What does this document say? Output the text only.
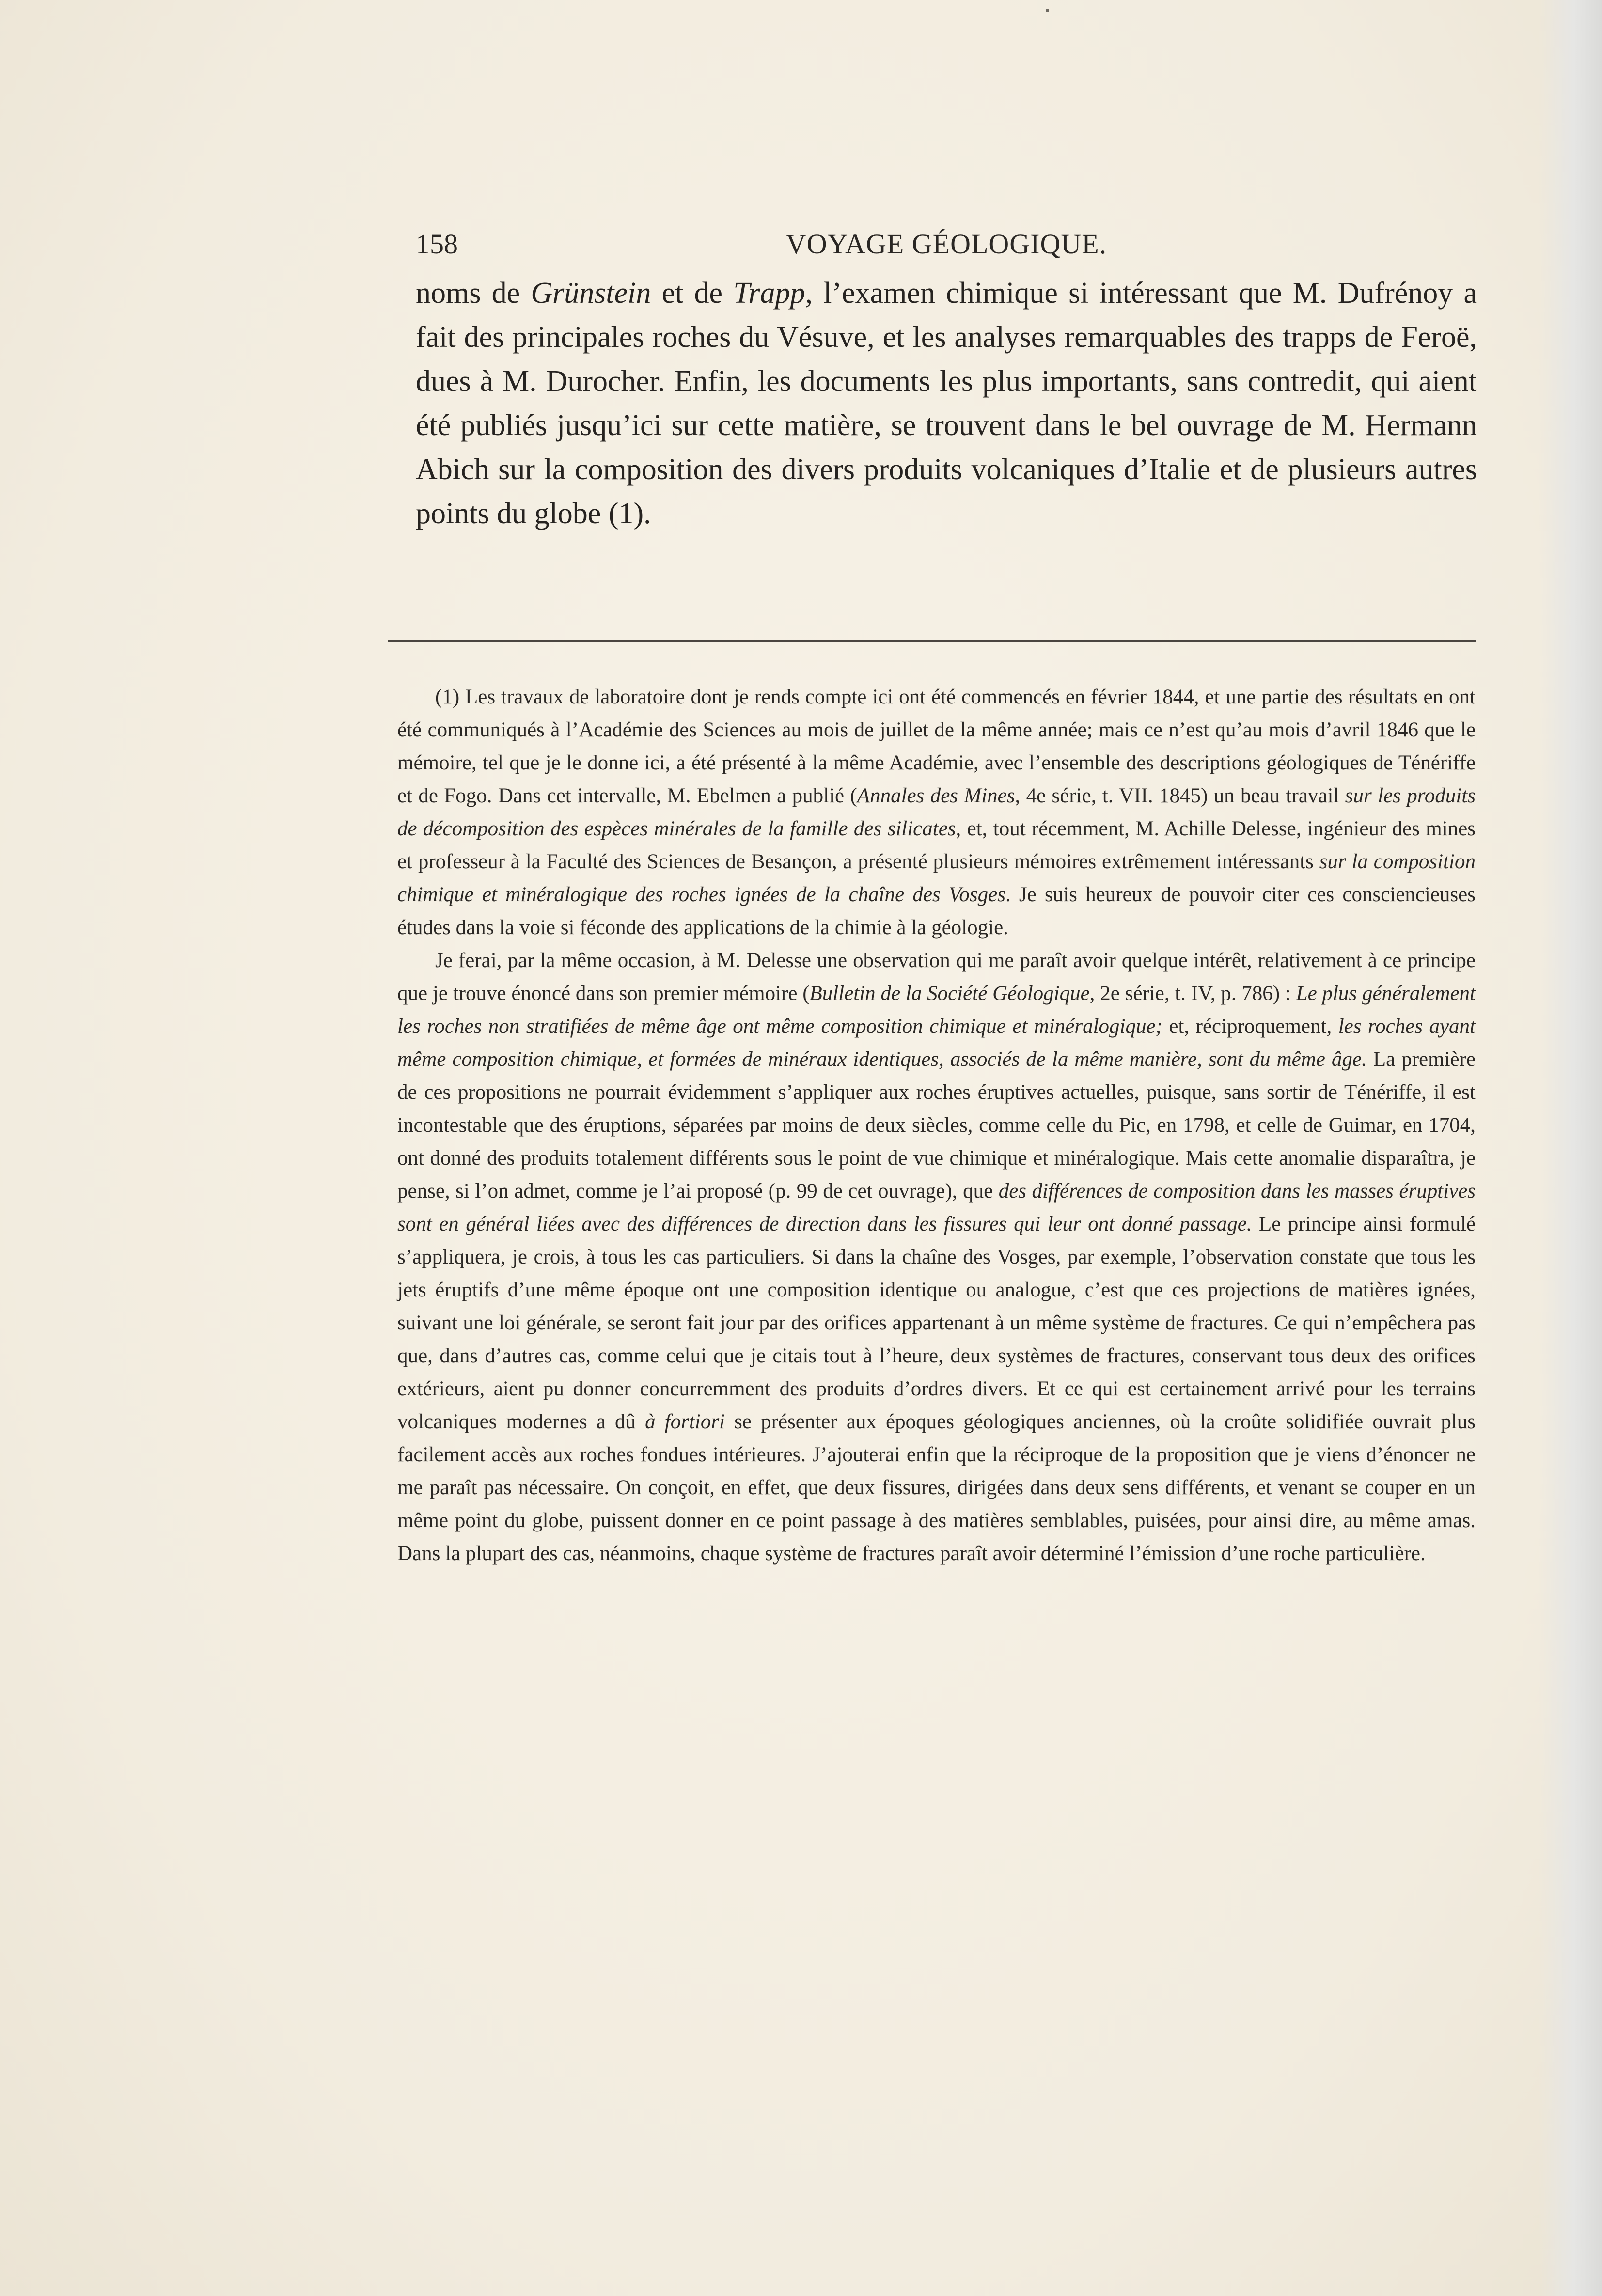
158	VOYAGE GÉOLOGIQUE.

noms de Grünstein et de Trapp, l’examen chimique si intéressant que M. Dufrénoy a fait des principales roches du Vésuve, et les analyses remarquables des trapps de Feroë, dues à M. Durocher. Enfin, les documents les plus importants, sans contredit, qui aient été publiés jusqu’ici sur cette matière, se trouvent dans le bel ouvrage de M. Hermann Abich sur la composition des divers produits volcaniques d’Italie et de plusieurs autres points du globe (1).

(1) Les travaux de laboratoire dont je rends compte ici ont été commencés en février 1844, et une partie des résultats en ont été communiqués à l’Académie des Sciences au mois de juillet de la même année; mais ce n’est qu’au mois d’avril 1846 que le mémoire, tel que je le donne ici, a été présenté à la même Académie, avec l’ensemble des descriptions géologiques de Ténériffe et de Fogo. Dans cet intervalle, M. Ebelmen a publié (Annales des Mines, 4e série, t. VII. 1845) un beau travail sur les produits de décomposition des espèces minérales de la famille des silicates, et, tout récemment, M. Achille Delesse, ingénieur des mines et professeur à la Faculté des Sciences de Besançon, a présenté plusieurs mémoires extrêmement intéressants sur la composition chimique et minéralogique des roches ignées de la chaîne des Vosges. Je suis heureux de pouvoir citer ces consciencieuses études dans la voie si féconde des applications de la chimie à la géologie.

Je ferai, par la même occasion, à M. Delesse une observation qui me paraît avoir quelque intérêt, relativement à ce principe que je trouve énoncé dans son premier mémoire (Bulletin de la Société Géologique, 2e série, t. IV, p. 786) : Le plus généralement les roches non stratifiées de même âge ont même composition chimique et minéralogique; et, réciproquement, les roches ayant même composition chimique, et formées de minéraux identiques, associés de la même manière, sont du même âge. La première de ces propositions ne pourrait évidemment s’appliquer aux roches éruptives actuelles, puisque, sans sortir de Ténériffe, il est incontestable que des éruptions, séparées par moins de deux siècles, comme celle du Pic, en 1798, et celle de Guimar, en 1704, ont donné des produits totalement différents sous le point de vue chimique et minéralogique. Mais cette anomalie disparaîtra, je pense, si l’on admet, comme je l’ai proposé (p. 99 de cet ouvrage), que des différences de composition dans les masses éruptives sont en général liées avec des différences de direction dans les fissures qui leur ont donné passage. Le principe ainsi formulé s’appliquera, je crois, à tous les cas particuliers. Si dans la chaîne des Vosges, par exemple, l’observation constate que tous les jets éruptifs d’une même époque ont une composition identique ou analogue, c’est que ces projections de matières ignées, suivant une loi générale, se seront fait jour par des orifices appartenant à un même système de fractures. Ce qui n’empêchera pas que, dans d’autres cas, comme celui que je citais tout à l’heure, deux systèmes de fractures, conservant tous deux des orifices extérieurs, aient pu donner concurremment des produits d’ordres divers. Et ce qui est certainement arrivé pour les terrains volcaniques modernes a dû à fortiori se présenter aux époques géologiques anciennes, où la croûte solidifiée ouvrait plus facilement accès aux roches fondues intérieures. J’ajouterai enfin que la réciproque de la proposition que je viens d’énoncer ne me paraît pas nécessaire. On conçoit, en effet, que deux fissures, dirigées dans deux sens différents, et venant se couper en un même point du globe, puissent donner en ce point passage à des matières semblables, puisées, pour ainsi dire, au même amas. Dans la plupart des cas, néanmoins, chaque système de fractures paraît avoir déterminé l’émission d’une roche particulière.
